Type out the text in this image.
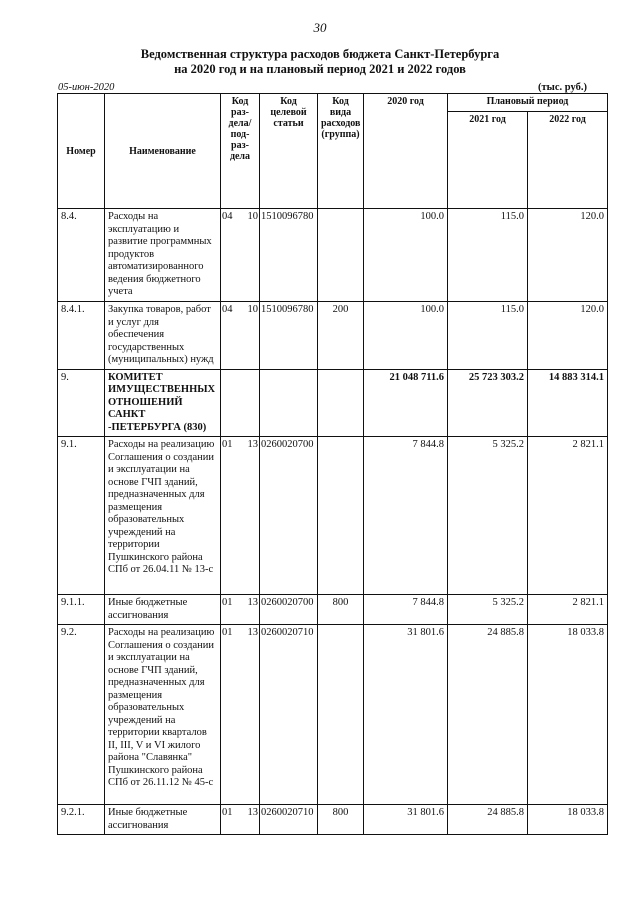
30
Ведомственная структура расходов бюджета Санкт-Петербурга
на 2020 год и на плановый период 2021 и 2022 годов
05-июн-2020	(тыс. руб.)
Номер	Наименование	Код раз- дела/ под- раз- дела	Код целевой статьи	Код вида расходов (группа)	2020 год	Плановый период	
						2021 год	2022 год
8.4.	Расходы на эксплуатацию и развитие программных продуктов автоматизированного ведения бюджетного учета	04 10	1510096780		100.0	115.0	120.0
8.4.1.	Закупка товаров, работ и услуг для обеспечения государственных (муниципальных) нужд	04 10	1510096780	200	100.0	115.0	120.0
9.	КОМИТЕТ ИМУЩЕСТВЕННЫХ ОТНОШЕНИЙ САНКТ -ПЕТЕРБУРГА (830)				21 048 711.6	25 723 303.2	14 883 314.1
9.1.	Расходы на реализацию Соглашения о создании и эксплуатации на основе ГЧП зданий, предназначенных для размещения образовательных учреждений на территории Пушкинского района СПб от 26.04.11 № 13-с	01 13	0260020700		7 844.8	5 325.2	2 821.1
9.1.1.	Иные бюджетные ассигнования	01 13	0260020700	800	7 844.8	5 325.2	2 821.1
9.2.	Расходы на реализацию Соглашения о создании и эксплуатации на основе ГЧП зданий, предназначенных для размещения образовательных учреждений на территории кварталов II, III, V и VI жилого района "Славянка" Пушкинского района СПб от 26.11.12 № 45-с	01 13	0260020710		31 801.6	24 885.8	18 033.8
9.2.1.	Иные бюджетные ассигнования	01 13	0260020710	800	31 801.6	24 885.8	18 033.8
